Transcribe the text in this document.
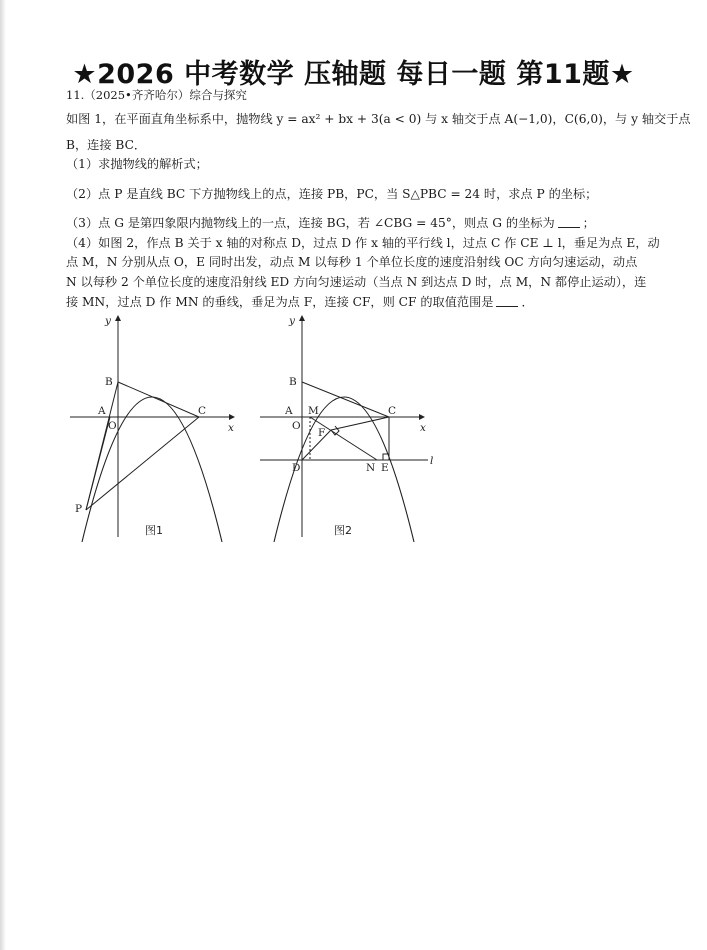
★2026 中考数学 压轴题 每日一题 第11题★

11.（2025•齐齐哈尔）综合与探究

如图 1，在平面直角坐标系中，抛物线 y = ax² + bx + 3(a < 0) 与 x 轴交于点 A(−1,0)，C(6,0)，与 y 轴交于点

B，连接 BC．

（1）求抛物线的解析式；

（2）点 P 是直线 BC 下方抛物线上的点，连接 PB，PC，当 S△PBC = 24 时，求点 P 的坐标；

（3）点 G 是第四象限内抛物线上的一点，连接 BG，若 ∠CBG = 45°，则点 G 的坐标为 ；

（4）如图 2，作点 B 关于 x 轴的对称点 D，过点 D 作 x 轴的平行线 l，过点 C 作 CE ⊥ l，垂足为点 E，动

点 M，N 分别从点 O，E 同时出发，动点 M 以每秒 1 个单位长度的速度沿射线 OC 方向匀速运动，动点

N 以每秒 2 个单位长度的速度沿射线 ED 方向匀速运动（当点 N 到达点 D 时，点 M，N 都停止运动），连

接 MN，过点 D 作 MN 的垂线，垂足为点 F，连接 CF，则 CF 的取值范围是 ．

y
x
A
O
B
C
P
图1
y
x
A
O
B
C
M
F
D	N E
l
图2
